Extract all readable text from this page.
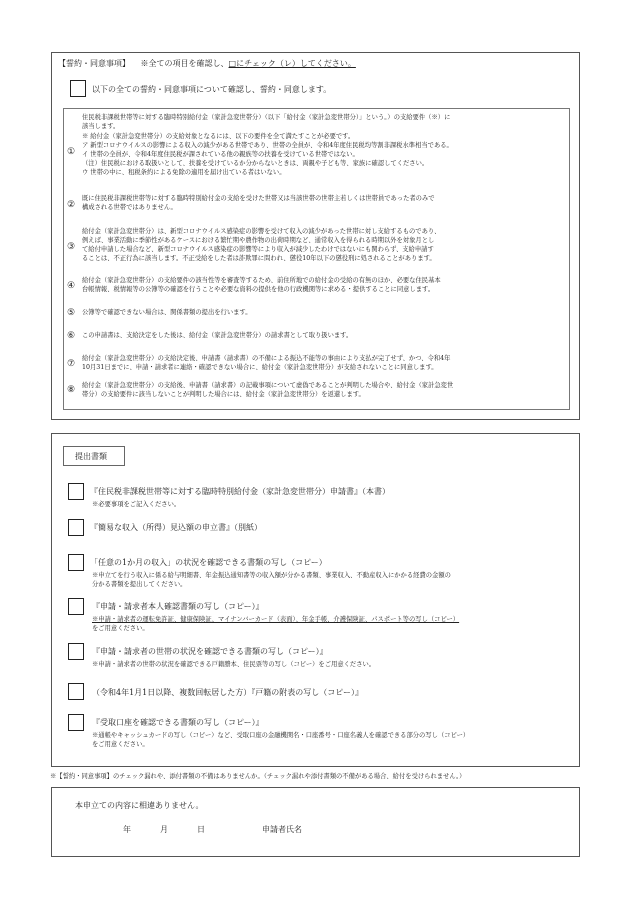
【誓約・同意事項】 ※全ての項目を確認し、□にチェック（レ）してください。
以下の全ての誓約・同意事項について確認し、誓約・同意します。
住民税非課税世帯等に対する臨時特別給付金（家計急変世帯分）（以下「給付金（家計急変世帯分）」という。）の支給要件（※）に
該当します。
①
※ 給付金（家計急変世帯分）の支給対象となるには、以下の要件を全て満たすことが必要です。
ア 新型コロナウイルスの影響による収入の減少がある世帯であり、世帯の全員が、令和4年度住民税均等割非課税水準相当である。
イ 世帯の全員が、令和4年度住民税が課されている他の親族等の扶養を受けている世帯ではない。
（注）住民税における取扱いとして、扶養を受けているか分からないときは、両親や子ども等、家族に確認してください。
ウ 世帯の中に、租税条約による免除の適用を届け出ている者はいない。
②
既に住民税非課税世帯等に対する臨時特別給付金の支給を受けた世帯又は当該世帯の世帯主若しくは世帯員であった者のみで
構成される世帯ではありません。
③
給付金（家計急変世帯分）は、新型コロナウイルス感染症の影響を受けて収入の減少があった世帯に対し支給するものであり、
例えば、事業活動に季節性があるケースにおける繁忙期や農作物の出荷時期など、通常収入を得られる時期以外を対象月とし
て給付申請した場合など、新型コロナウイルス感染症の影響等により収入が減少したわけではないにも関わらず、支給申請す
ることは、不正行為に該当します。不正受給をした者は詐欺罪に問われ、懲役10年以下の懲役刑に処されることがあります。
④
給付金（家計急変世帯分）の支給要件の該当性等を審査等するため、前住所地での給付金の受給の有無のほか、必要な住民基本
台帳情報、税情報等の公簿等の確認を行うことや必要な資料の提供を他の行政機関等に求める・提供することに同意します。
⑤ 公簿等で確認できない場合は、関係書類の提出を行います。
⑥ この申請書は、支給決定をした後は、給付金（家計急変世帯分）の請求書として取り扱います。
⑦
給付金（家計急変世帯分）の支給決定後、申請書（請求書）の不備による振込不能等の事由により支払が完了せず、かつ、令和4年
10月31日までに、申請・請求者に連絡・確認できない場合に、給付金（家計急変世帯分）が支給されないことに同意します。
⑧ 給付金（家計急変世帯分）の支給後、申請書（請求書）の記載事項について虚偽であることが判明した場合や、給付金（家計急変世
帯分）の支給要件に該当しないことが判明した場合には、給付金（家計急変世帯分）を返還します。
提出書類
『住民税非課税世帯等に対する臨時特別給付金（家計急変世帯分）申請書』（本書）
※必要事項をご記入ください。
『簡易な収入（所得）見込額の申立書』（別紙）
「任意の1か月の収入」の状況を確認できる書類の写し（コピー）
※申立てを行う収入に係る給与明細書、年金振込通知書等の収入額が分かる書類、事業収入、不動産収入にかかる経費の金額の
分かる書類を提出してください。
『申請・請求者本人確認書類の写し（コピー）』
※申請・請求者の運転免許証、健康保険証、マイナンバーカード（表面）、年金手帳、介護保険証、パスポート等の写し（コピー）
をご用意ください。
『申請・請求者の世帯の状況を確認できる書類の写し（コピー）』
※申請・請求者の世帯の状況を確認できる戸籍謄本、住民票等の写し（コピー）をご用意ください。
（令和4年1月1日以降、複数回転居した方）『戸籍の附表の写し（コピー）』
『受取口座を確認できる書類の写し（コピー）』
※通帳やキャッシュカードの写し（コピー）など、受取口座の金融機関名・口座番号・口座名義人を確認できる部分の写し（コピー）
をご用意ください。
※【誓約・同意事項】のチェック漏れや、添付書類の不備はありませんか。（チェック漏れや添付書類の不備がある場合、給付を受けられません。）
本申立ての内容に相違ありません。
年	月	日	申請者氏名
